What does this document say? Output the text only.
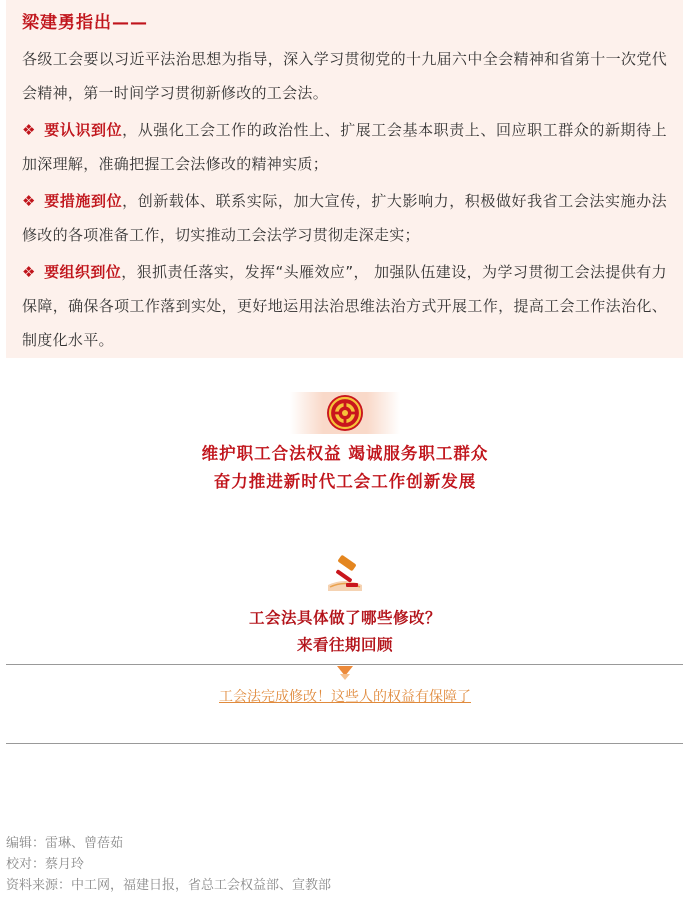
梁建勇指出——
各级工会要以习近平法治思想为指导，深入学习贯彻党的十九届六中全会精神和省第十一次党代会精神，第一时间学习贯彻新修改的工会法。
❖ 要认识到位，从强化工会工作的政治性上、扩展工会基本职责上、回应职工群众的新期待上加深理解，准确把握工会法修改的精神实质；
❖ 要措施到位，创新载体、联系实际，加大宣传，扩大影响力，积极做好我省工会法实施办法修改的各项准备工作，切实推动工会法学习贯彻走深走实；
❖ 要组织到位，狠抓责任落实，发挥“头雁效应”， 加强队伍建设，为学习贯彻工会法提供有力保障，确保各项工作落到实处，更好地运用法治思维法治方式开展工作，提高工会工作法治化、制度化水平。
维护职工合法权益 竭诚服务职工群众
奋力推进新时代工会工作创新发展
工会法具体做了哪些修改？
来看往期回顾
工会法完成修改！这些人的权益有保障了
编辑：雷琳、曾蓓茹
校对：蔡月玲
资料来源：中工网，福建日报，省总工会权益部、宣教部
